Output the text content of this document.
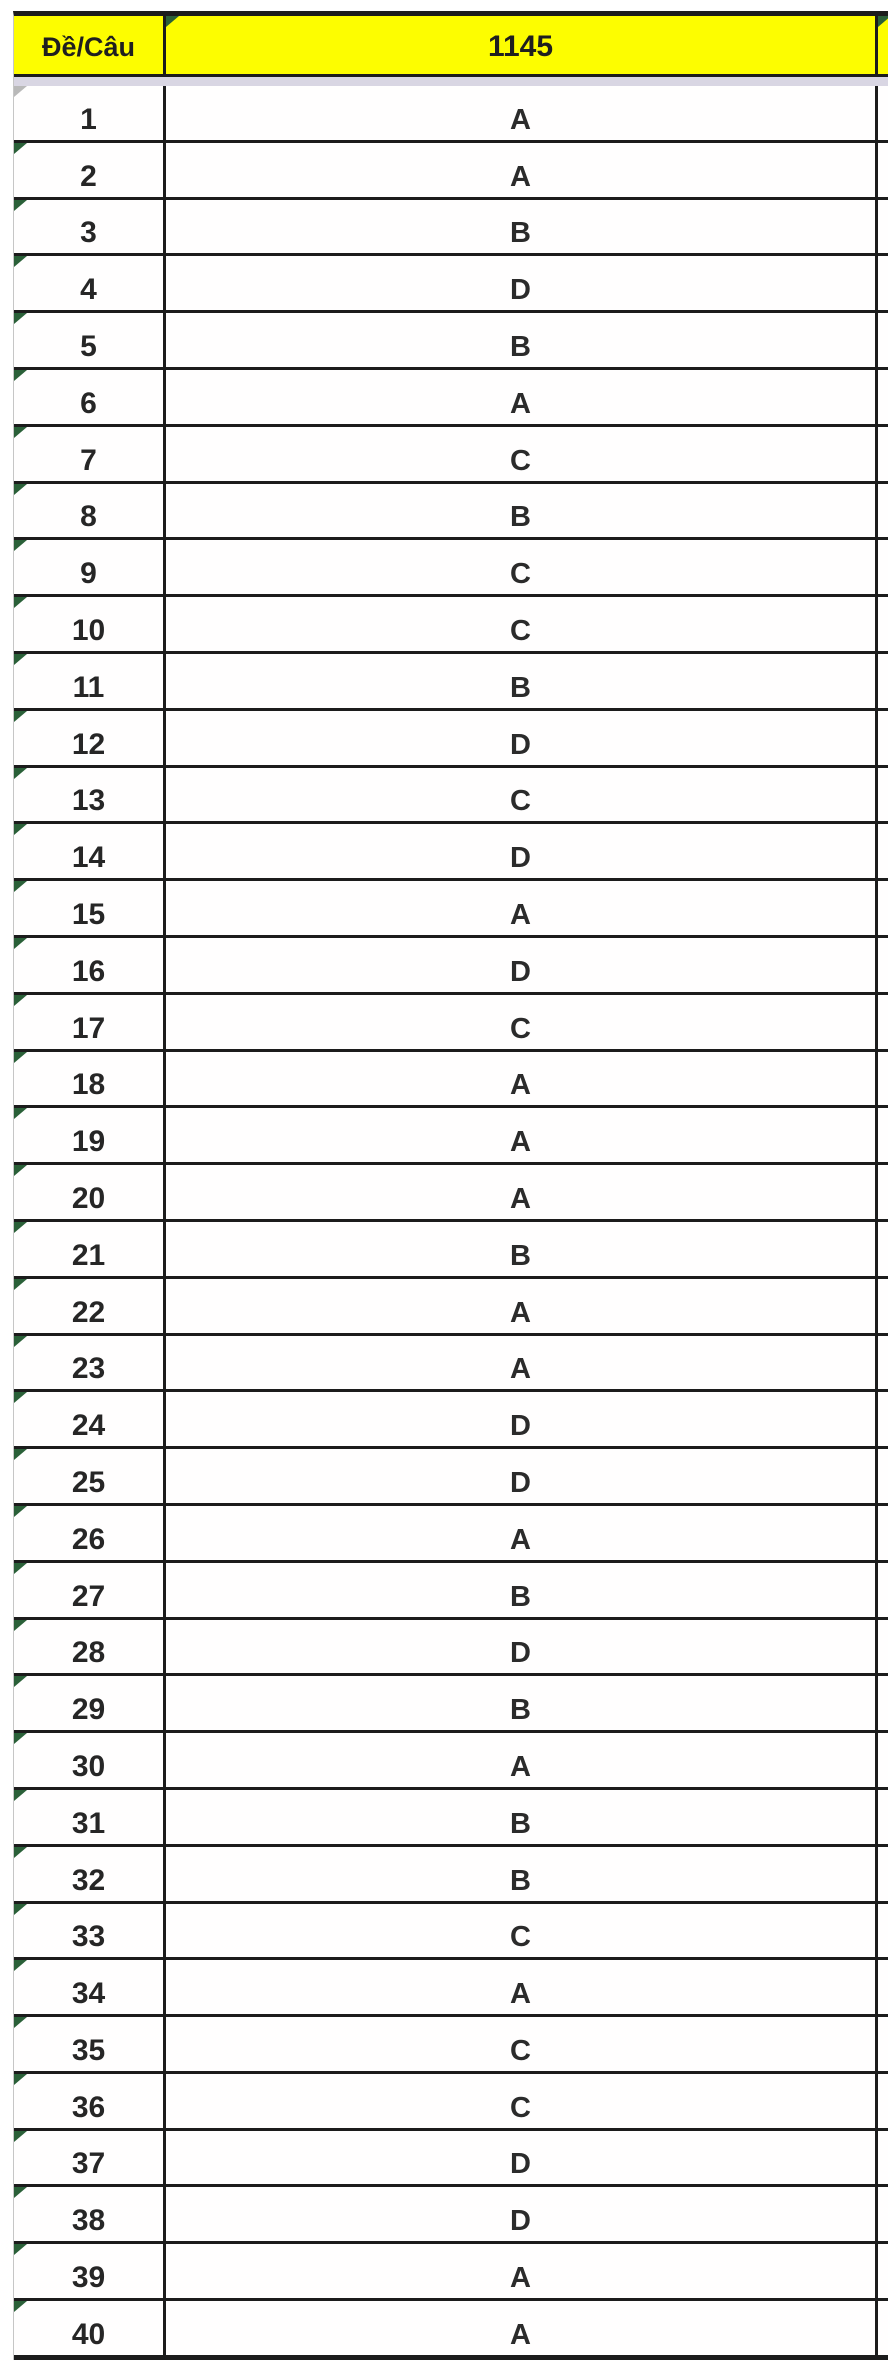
Đề/Câu	1145
1	A
2	A
3	B
4	D
5	B
6	A
7	C
8	B
9	C
10	C
11	B
12	D
13	C
14	D
15	A
16	D
17	C
18	A
19	A
20	A
21	B
22	A
23	A
24	D
25	D
26	A
27	B
28	D
29	B
30	A
31	B
32	B
33	C
34	A
35	C
36	C
37	D
38	D
39	A
40	A
